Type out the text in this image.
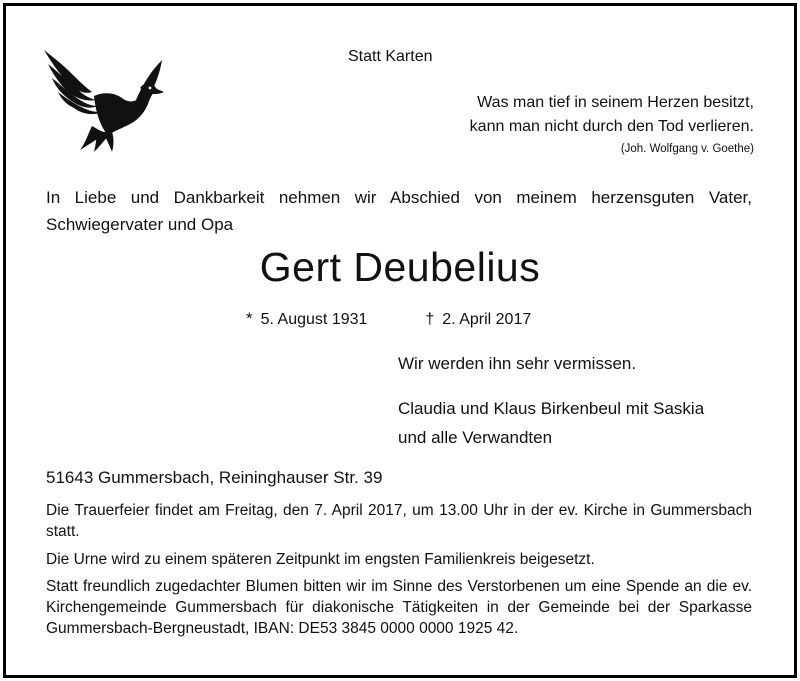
Statt Karten
Was man tief in seinem Herzen besitzt,
kann man nicht durch den Tod verlieren.
(Joh. Wolfgang v. Goethe)
In Liebe und Dankbarkeit nehmen wir Abschied von meinem herzensguten Vater, Schwiegervater und Opa
Gert Deubelius
* 5. August 1931	† 2. April 2017
Wir werden ihn sehr vermissen.
Claudia und Klaus Birkenbeul mit Saskia
und alle Verwandten
51643 Gummersbach, Reininghauser Str. 39
Die Trauerfeier findet am Freitag, den 7. April 2017, um 13.00 Uhr in der ev. Kirche in Gummersbach statt.
Die Urne wird zu einem späteren Zeitpunkt im engsten Familienkreis beigesetzt.
Statt freundlich zugedachter Blumen bitten wir im Sinne des Verstorbenen um eine Spende an die ev. Kirchengemeinde Gummersbach für diakonische Tätigkeiten in der Gemeinde bei der Sparkasse Gummersbach-Bergneustadt, IBAN: DE53 3845 0000 0000 1925 42.
